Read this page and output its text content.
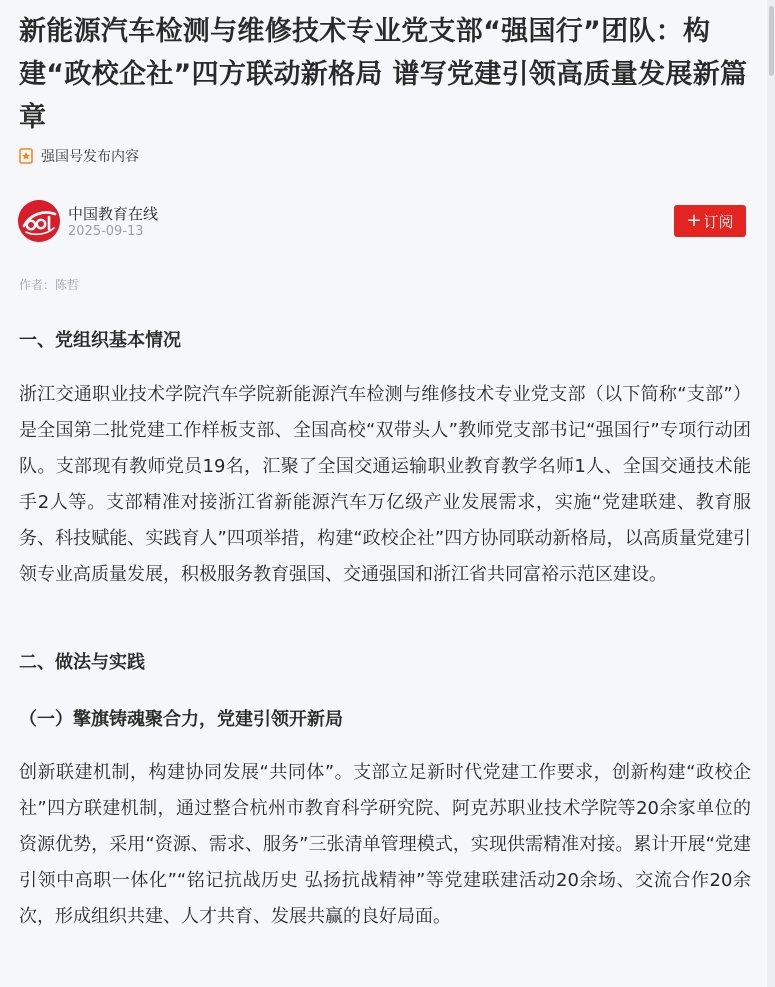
新能源汽车检测与维修技术专业党支部“强国行”团队：构建“政校企社”四方联动新格局 谱写党建引领高质量发展新篇章
强国号发布内容
中国教育在线
2025-09-13
+ 订阅
作者：陈哲
一、党组织基本情况

浙江交通职业技术学院汽车学院新能源汽车检测与维修技术专业党支部（以下简称“支部”）是全国第二批党建工作样板支部、全国高校“双带头人”教师党支部书记“强国行”专项行动团队。支部现有教师党员19名，汇聚了全国交通运输职业教育教学名师1人、全国交通技术能手2人等。支部精准对接浙江省新能源汽车万亿级产业发展需求，实施“党建联建、教育服务、科技赋能、实践育人”四项举措，构建“政校企社”四方协同联动新格局，以高质量党建引领专业高质量发展，积极服务教育强国、交通强国和浙江省共同富裕示范区建设。

二、做法与实践
（一）擎旗铸魂聚合力，党建引领开新局

创新联建机制，构建协同发展“共同体”。支部立足新时代党建工作要求，创新构建“政校企社”四方联建机制，通过整合杭州市教育科学研究院、阿克苏职业技术学院等20余家单位的资源优势，采用“资源、需求、服务”三张清单管理模式，实现供需精准对接。累计开展“党建引领中高职一体化”“铭记抗战历史 弘扬抗战精神”等党建联建活动20余场、交流合作20余次，形成组织共建、人才共育、发展共赢的良好局面。
